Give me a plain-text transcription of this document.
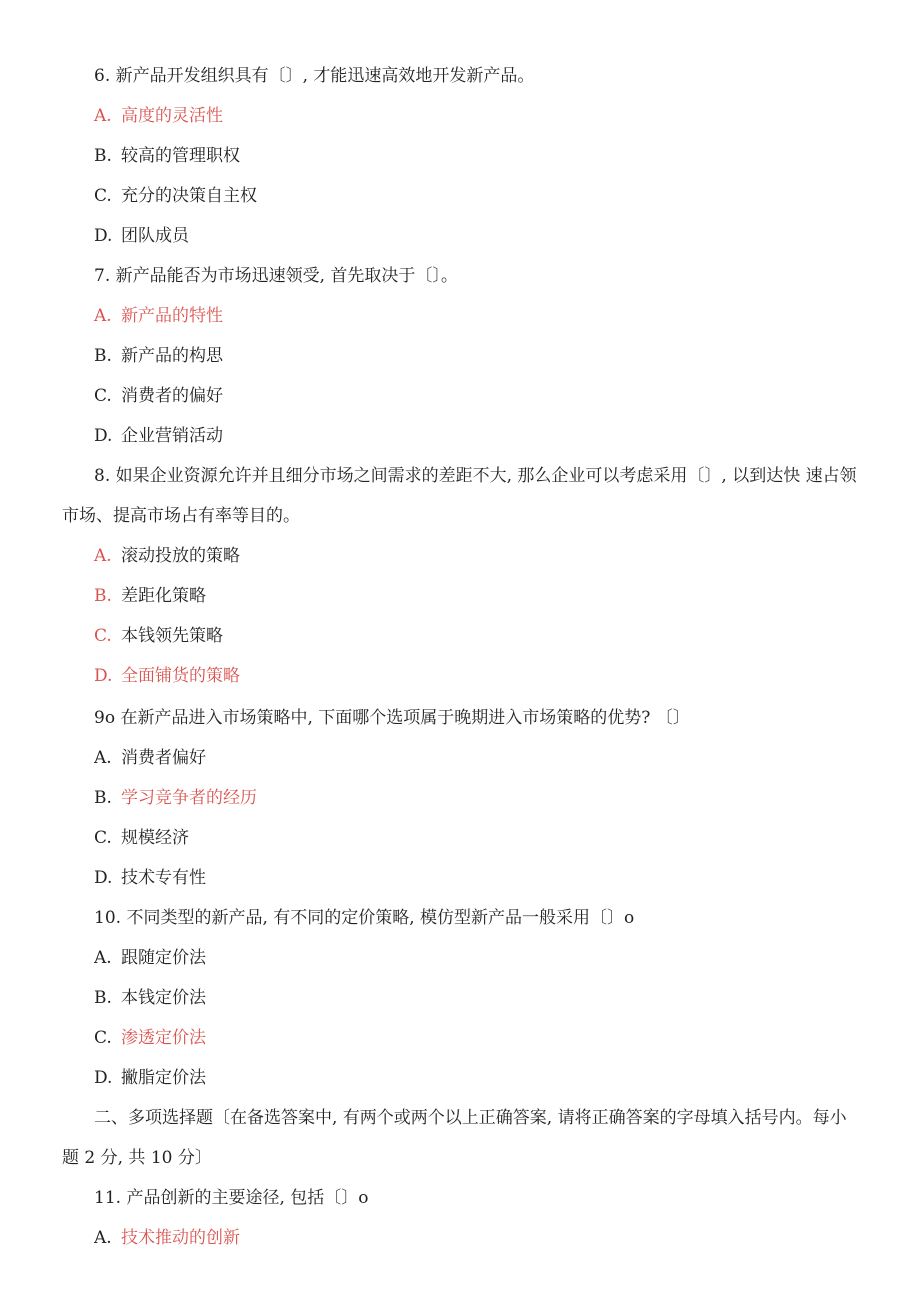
6. 新产品开发组织具有〔〕, 才能迅速高效地开发新产品。
A. 高度的灵活性
B. 较高的管理职权
C. 充分的决策自主权
D. 团队成员
7. 新产品能否为市场迅速领受, 首先取决于〔〕。
A. 新产品的特性
B. 新产品的构思
C. 消费者的偏好
D. 企业营销活动
8. 如果企业资源允许并且细分市场之间需求的差距不大, 那么企业可以考虑采用〔〕, 以到达快 速占领市场、提高市场占有率等目的。
A. 滚动投放的策略
B. 差距化策略
C. 本钱领先策略
D. 全面铺货的策略
9o 在新产品进入市场策略中, 下面哪个选项属于晚期进入市场策略的优势? 〔〕
A. 消费者偏好
B. 学习竞争者的经历
C. 规模经济
D. 技术专有性
10. 不同类型的新产品, 有不同的定价策略, 模仿型新产品一般采用〔〕o
A. 跟随定价法
B. 本钱定价法
C. 渗透定价法
D. 撇脂定价法
二、多项选择题〔在备选答案中, 有两个或两个以上正确答案, 请将正确答案的字母填入括号内。每小题 2 分, 共 10 分〕
11. 产品创新的主要途径, 包括〔〕o
A. 技术推动的创新
